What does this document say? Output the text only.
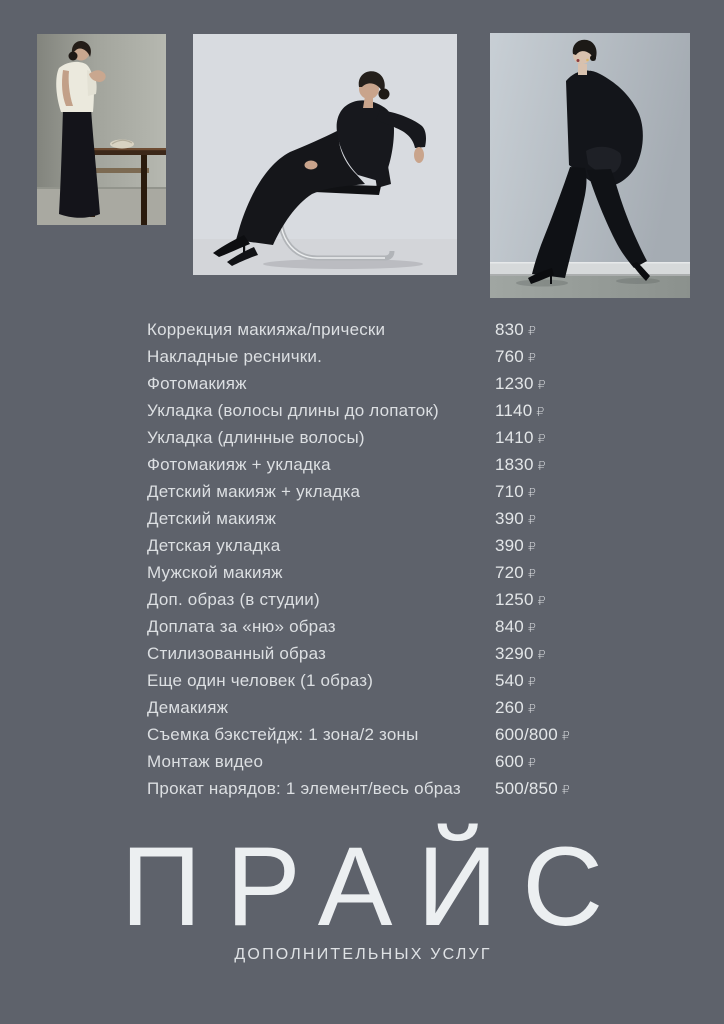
Коррекция макияжа/прически	830 ₽
Накладные реснички.	760 ₽
Фотомакияж	1230 ₽
Укладка (волосы длины до лопаток)	1140 ₽
Укладка (длинные волосы)	1410 ₽
Фотомакияж + укладка	1830 ₽
Детский макияж + укладка	710 ₽
Детский макияж	390 ₽
Детская укладка	390 ₽
Мужской макияж	720 ₽
Доп. образ (в студии)	1250 ₽
Доплата за «ню» образ	840 ₽
Стилизованный образ	3290 ₽
Еще один человек (1 образ)	540 ₽
Демакияж	260 ₽
Съемка бэкстейдж: 1 зона/2 зоны	600/800 ₽
Монтаж видео	600 ₽
Прокат нарядов: 1 элемент/весь образ	500/850 ₽
ПРАЙС
ДОПОЛНИТЕЛЬНЫХ УСЛУГ
